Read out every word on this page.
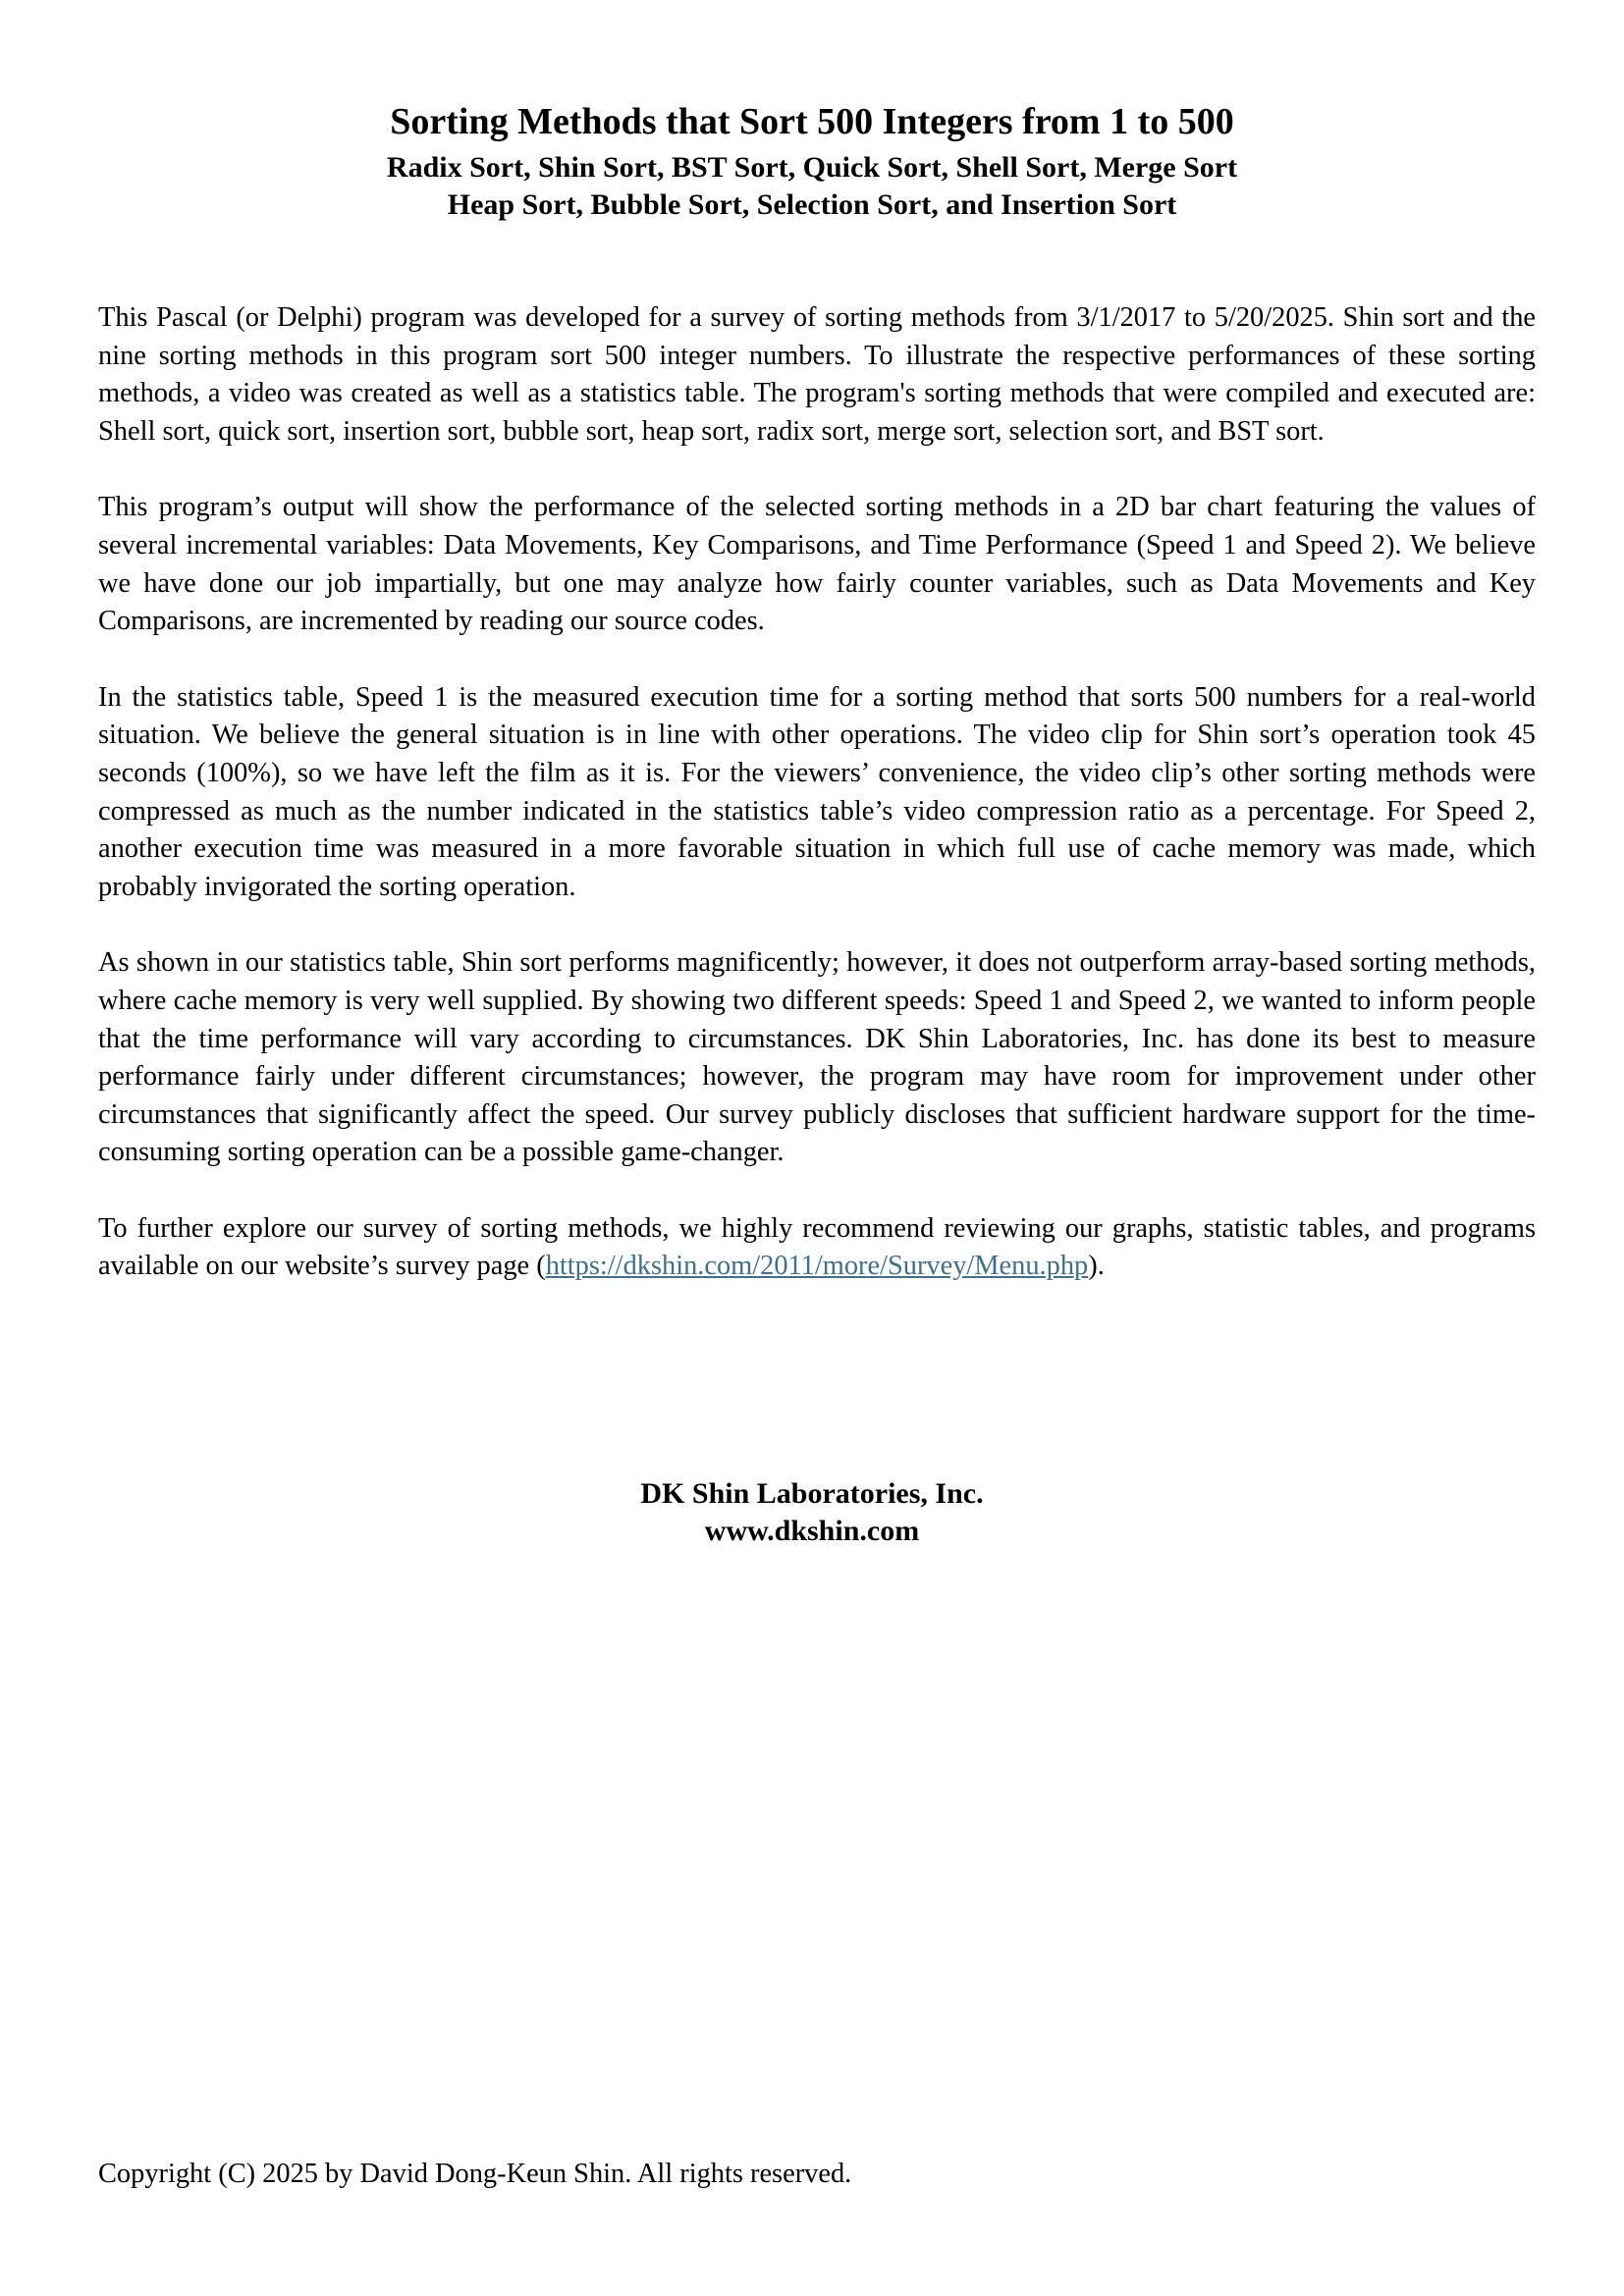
Sorting Methods that Sort 500 Integers from 1 to 500
Radix Sort, Shin Sort, BST Sort, Quick Sort, Shell Sort, Merge Sort
Heap Sort, Bubble Sort, Selection Sort, and Insertion Sort

This Pascal (or Delphi) program was developed for a survey of sorting methods from 3/1/2017 to 5/20/2025. Shin sort and the nine sorting methods in this program sort 500 integer numbers. To illustrate the respective performances of these sorting methods, a video was created as well as a statistics table. The program's sorting methods that were compiled and executed are: Shell sort, quick sort, insertion sort, bubble sort, heap sort, radix sort, merge sort, selection sort, and BST sort.

This program’s output will show the performance of the selected sorting methods in a 2D bar chart featuring the values of several incremental variables: Data Movements, Key Comparisons, and Time Performance (Speed 1 and Speed 2). We believe we have done our job impartially, but one may analyze how fairly counter variables, such as Data Movements and Key Comparisons, are incremented by reading our source codes.

In the statistics table, Speed 1 is the measured execution time for a sorting method that sorts 500 numbers for a real-world situation. We believe the general situation is in line with other operations. The video clip for Shin sort’s operation took 45 seconds (100%), so we have left the film as it is. For the viewers’ convenience, the video clip’s other sorting methods were compressed as much as the number indicated in the statistics table’s video compression ratio as a percentage. For Speed 2, another execution time was measured in a more favorable situation in which full use of cache memory was made, which probably invigorated the sorting operation.

As shown in our statistics table, Shin sort performs magnificently; however, it does not outperform array-based sorting methods, where cache memory is very well supplied. By showing two different speeds: Speed 1 and Speed 2, we wanted to inform people that the time performance will vary according to circumstances. DK Shin Laboratories, Inc. has done its best to measure performance fairly under different circumstances; however, the program may have room for improvement under other circumstances that significantly affect the speed. Our survey publicly discloses that sufficient hardware support for the time-consuming sorting operation can be a possible game-changer.

To further explore our survey of sorting methods, we highly recommend reviewing our graphs, statistic tables, and programs available on our website’s survey page (https://dkshin.com/2011/more/Survey/Menu.php).

DK Shin Laboratories, Inc.
www.dkshin.com
Copyright (C) 2025 by David Dong-Keun Shin. All rights reserved.
